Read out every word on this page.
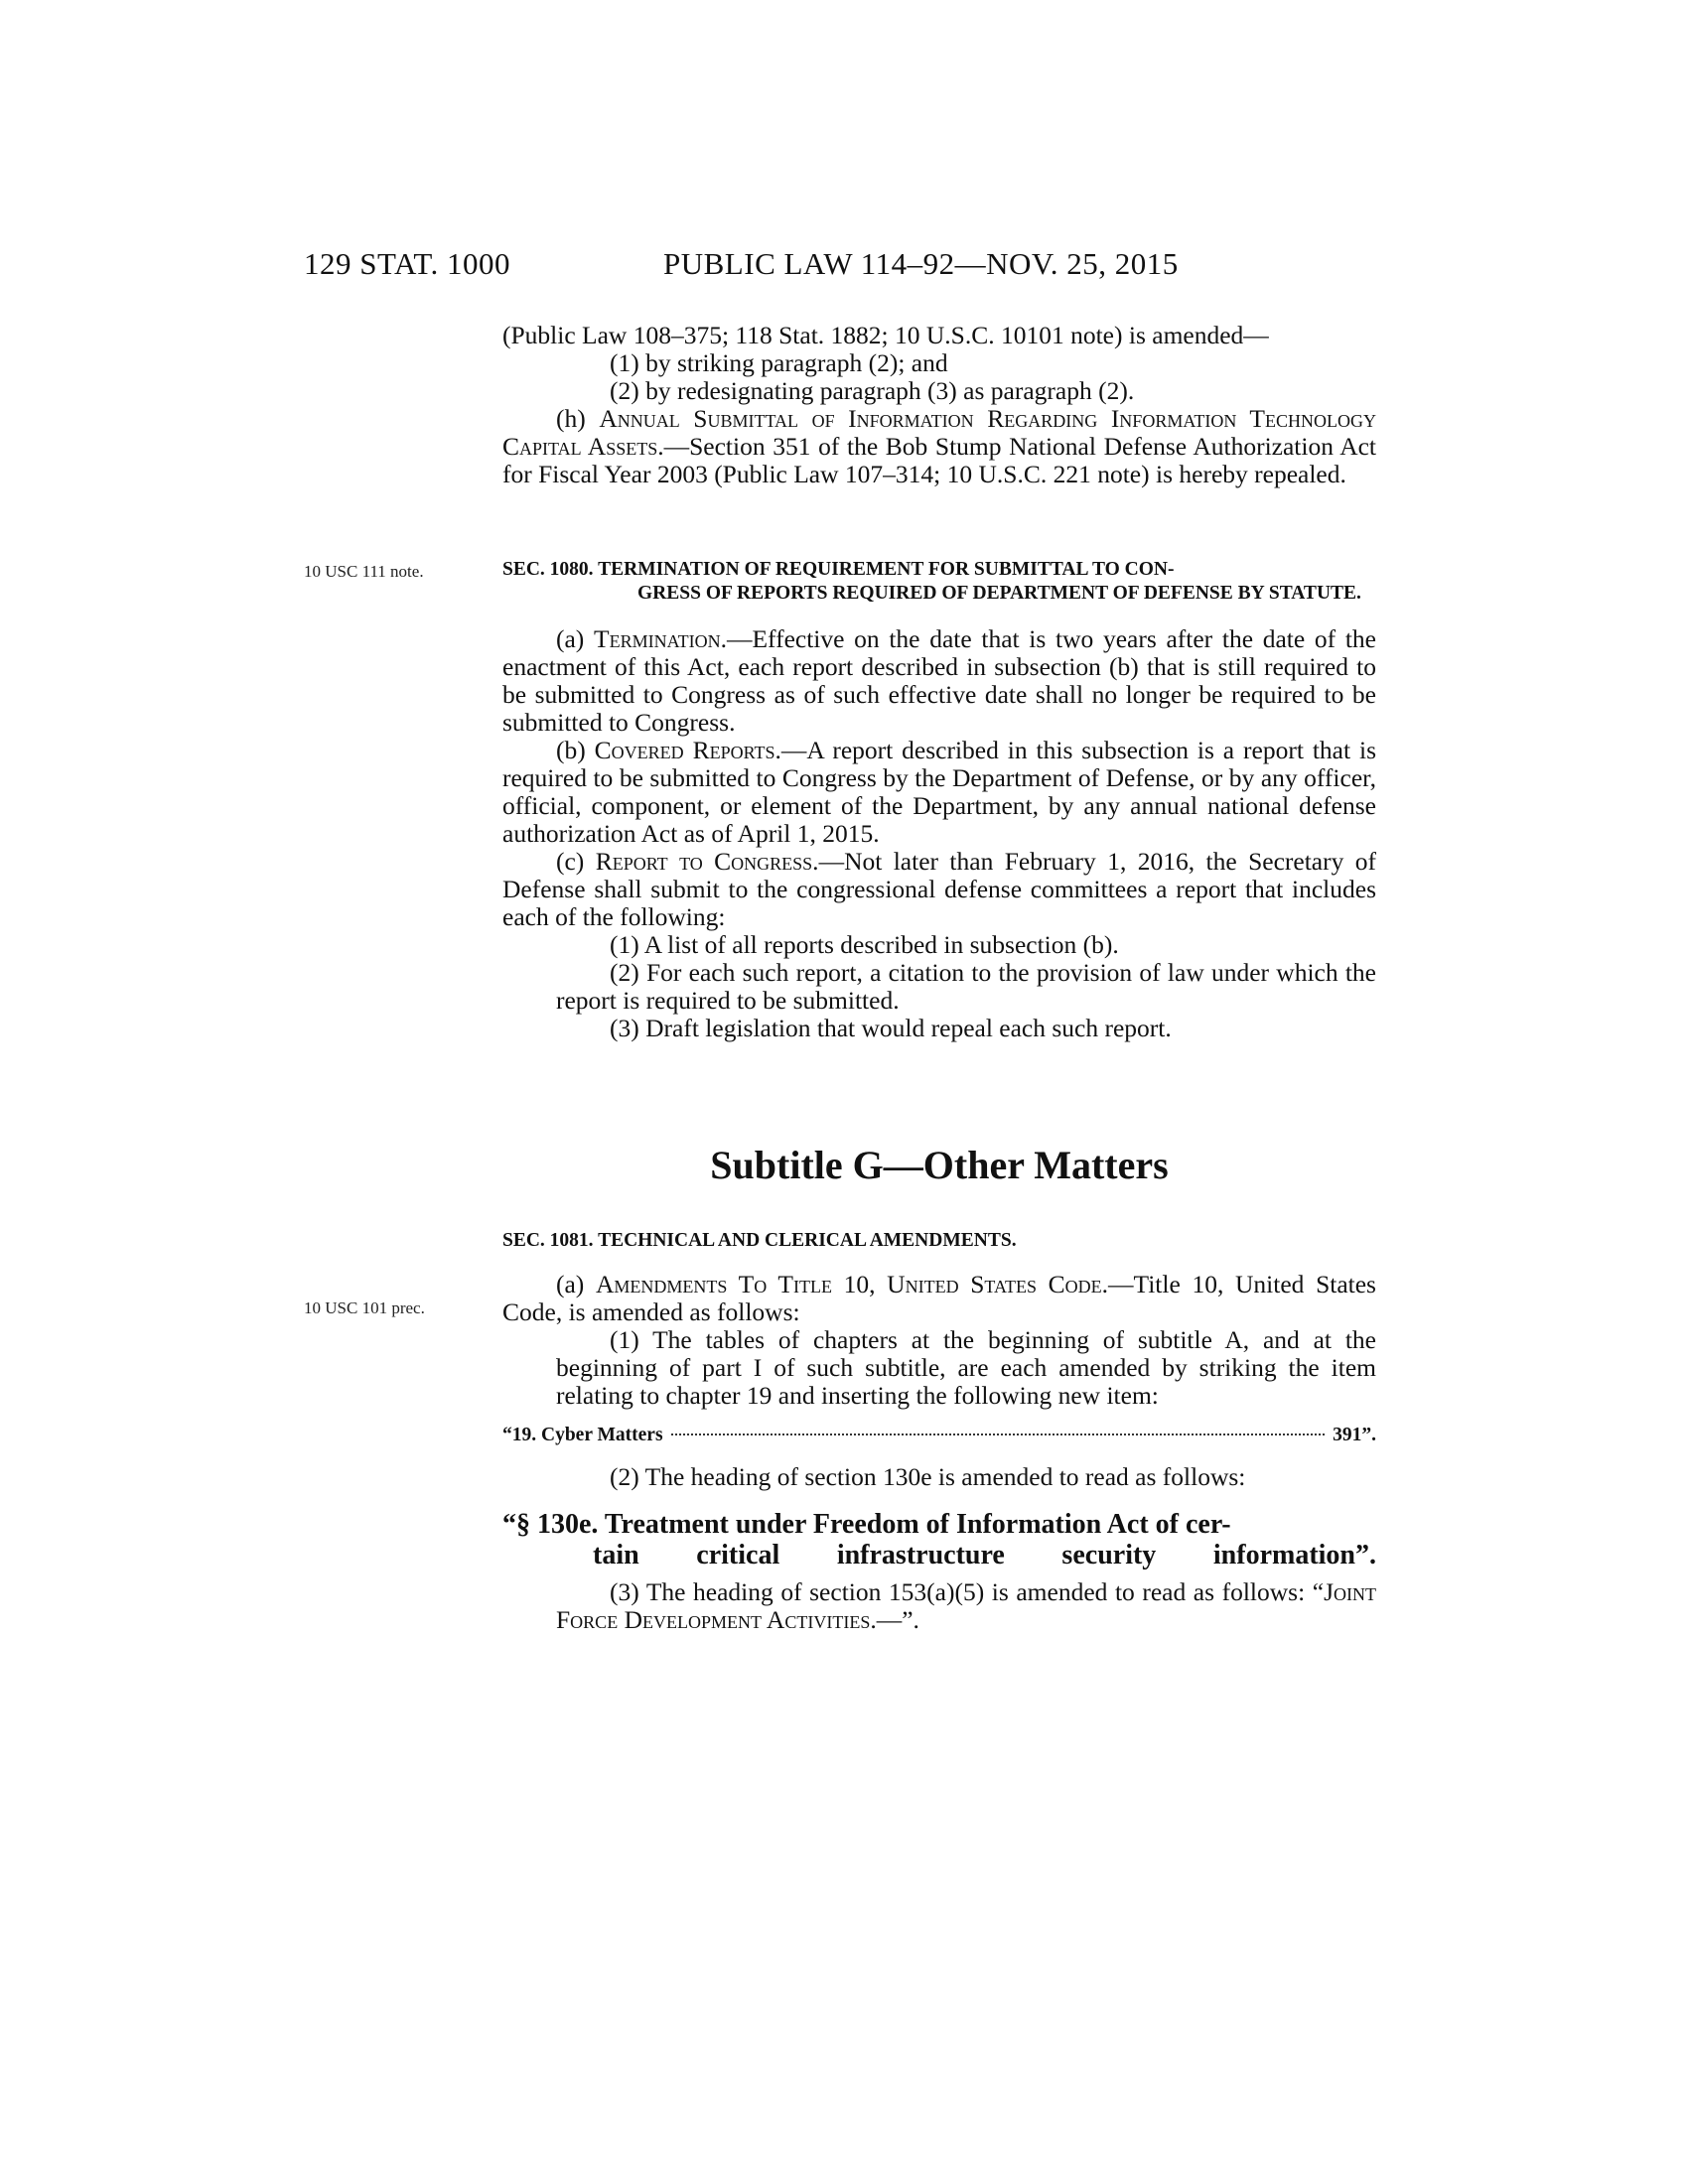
129 STAT. 1000	PUBLIC LAW 114–92—NOV. 25, 2015

(Public Law 108–375; 118 Stat. 1882; 10 U.S.C. 10101 note) is amended—

(1) by striking paragraph (2); and

(2) by redesignating paragraph (3) as paragraph (2).

(h) Annual Submittal of Information Regarding Information Technology Capital Assets.—Section 351 of the Bob Stump National Defense Authorization Act for Fiscal Year 2003 (Public Law 107–314; 10 U.S.C. 221 note) is hereby repealed.

10 USC 111 note.	SEC. 1080. TERMINATION OF REQUIREMENT FOR SUBMITTAL TO CON-
GRESS OF REPORTS REQUIRED OF DEPARTMENT OF DEFENSE BY STATUTE.

(a) Termination.—Effective on the date that is two years after the date of the enactment of this Act, each report described in subsection (b) that is still required to be submitted to Congress as of such effective date shall no longer be required to be submitted to Congress.

(b) Covered Reports.—A report described in this subsection is a report that is required to be submitted to Congress by the Department of Defense, or by any officer, official, component, or element of the Department, by any annual national defense authorization Act as of April 1, 2015.

(c) Report to Congress.—Not later than February 1, 2016, the Secretary of Defense shall submit to the congressional defense committees a report that includes each of the following:

(1) A list of all reports described in subsection (b).

(2) For each such report, a citation to the provision of law under which the report is required to be submitted.

(3) Draft legislation that would repeal each such report.

Subtitle G—Other Matters
10 USC 101 prec.
SEC. 1081. TECHNICAL AND CLERICAL AMENDMENTS.

(a) Amendments To Title 10, United States Code.—Title 10, United States Code, is amended as follows:

(1) The tables of chapters at the beginning of subtitle A, and at the beginning of part I of such subtitle, are each amended by striking the item relating to chapter 19 and inserting the following new item:

“19. Cyber Matters	391”.

(2) The heading of section 130e is amended to read as follows:

“§ 130e. Treatment under Freedom of Information Act of cer-
tain critical infrastructure security information”.

(3) The heading of section 153(a)(5) is amended to read as follows: “Joint Force Development Activities.—”.
